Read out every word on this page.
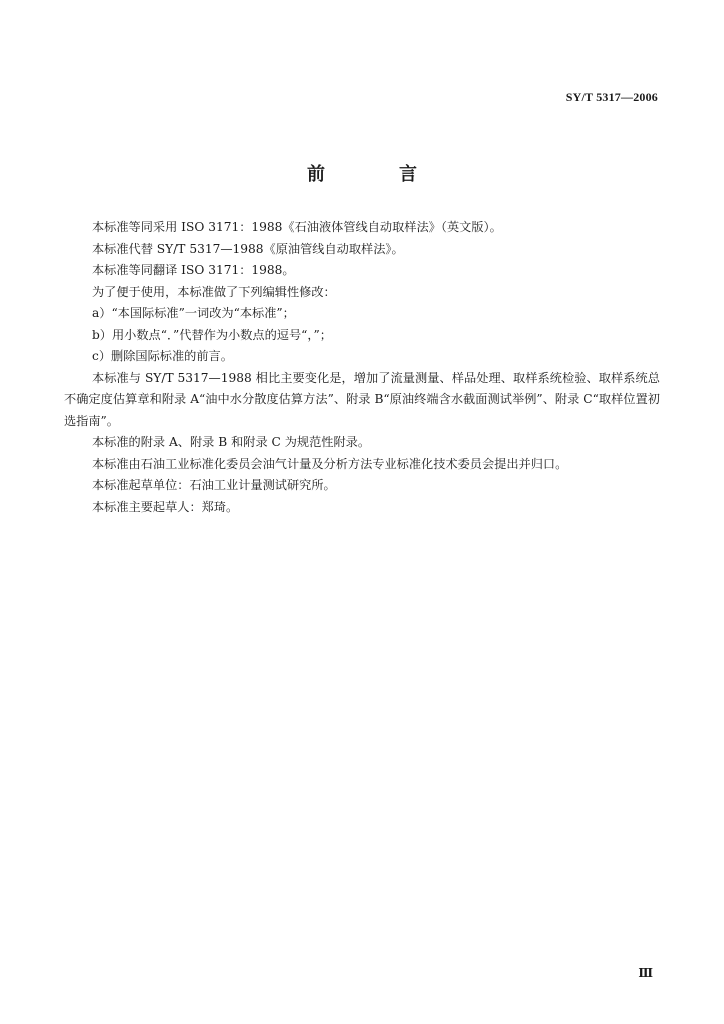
SY/T 5317—2006
前　言

本标准等同采用 ISO 3171：1988《石油液体管线自动取样法》（英文版）。

本标准代替 SY/T 5317—1988《原油管线自动取样法》。

本标准等同翻译 ISO 3171：1988。

为了便于使用，本标准做了下列编辑性修改：

a）“本国际标准”一词改为“本标准”；

b）用小数点“．”代替作为小数点的逗号“，”；

c）删除国际标准的前言。

本标准与 SY/T 5317—1988 相比主要变化是，增加了流量测量、样品处理、取样系统检验、取样系统总不确定度估算章和附录 A“油中水分散度估算方法”、附录 B“原油终端含水截面测试举例”、附录 C“取样位置初选指南”。

本标准的附录 A、附录 B 和附录 C 为规范性附录。

本标准由石油工业标准化委员会油气计量及分析方法专业标准化技术委员会提出并归口。

本标准起草单位：石油工业计量测试研究所。

本标准主要起草人：郑琦。

Ⅲ
